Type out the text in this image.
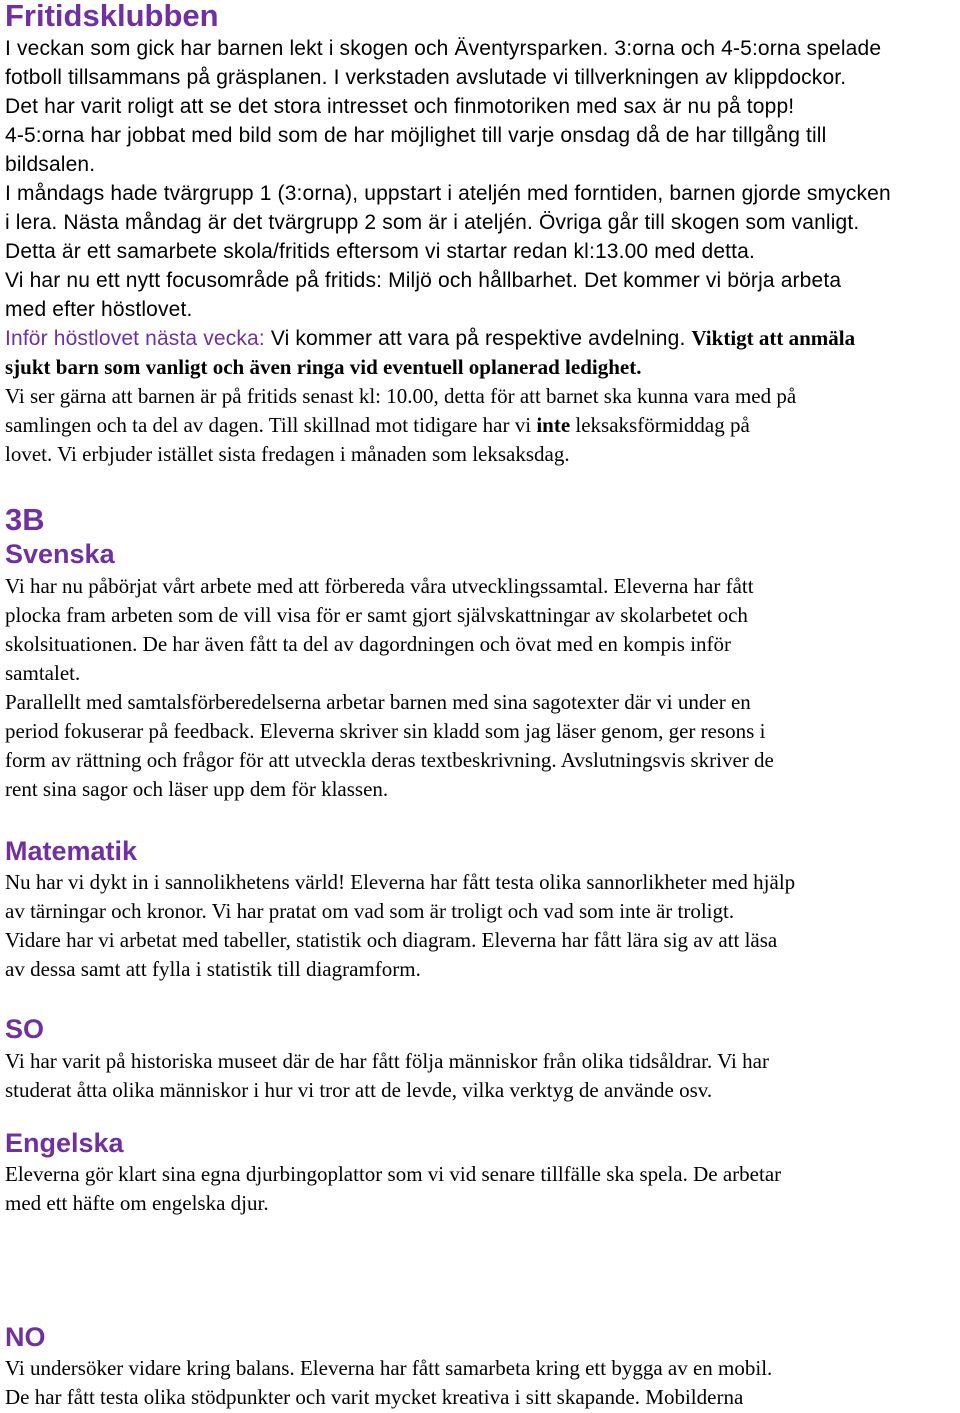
Fritidsklubben
I veckan som gick har barnen lekt i skogen och Äventyrsparken. 3:orna och 4-5:orna spelade
fotboll tillsammans på gräsplanen. I verkstaden avslutade vi tillverkningen av klippdockor.
Det har varit roligt att se det stora intresset och finmotoriken med sax är nu på topp!
4-5:orna har jobbat med bild som de har möjlighet till varje onsdag då de har tillgång till
bildsalen.
I måndags hade tvärgrupp 1 (3:orna), uppstart i ateljén med forntiden, barnen gjorde smycken
i lera. Nästa måndag är det tvärgrupp 2 som är i ateljén. Övriga går till skogen som vanligt.
Detta är ett samarbete skola/fritids eftersom vi startar redan kl:13.00 med detta.
Vi har nu ett nytt focusområde på fritids: Miljö och hållbarhet. Det kommer vi börja arbeta
med efter höstlovet.
Inför höstlovet nästa vecka: Vi kommer att vara på respektive avdelning. Viktigt att anmäla
sjukt barn som vanligt och även ringa vid eventuell oplanerad ledighet.
Vi ser gärna att barnen är på fritids senast kl: 10.00, detta för att barnet ska kunna vara med på
samlingen och ta del av dagen. Till skillnad mot tidigare har vi inte leksaksförmiddag på
lovet. Vi erbjuder istället sista fredagen i månaden som leksaksdag.
3B
Svenska
Vi har nu påbörjat vårt arbete med att förbereda våra utvecklingssamtal. Eleverna har fått
plocka fram arbeten som de vill visa för er samt gjort självskattningar av skolarbetet och
skolsituationen. De har även fått ta del av dagordningen och övat med en kompis inför
samtalet.
Parallellt med samtalsförberedelserna arbetar barnen med sina sagotexter där vi under en
period fokuserar på feedback. Eleverna skriver sin kladd som jag läser genom, ger resons i
form av rättning och frågor för att utveckla deras textbeskrivning. Avslutningsvis skriver de
rent sina sagor och läser upp dem för klassen.
Matematik
Nu har vi dykt in i sannolikhetens värld! Eleverna har fått testa olika sannorlikheter med hjälp
av tärningar och kronor. Vi har pratat om vad som är troligt och vad som inte är troligt.
Vidare har vi arbetat med tabeller, statistik och diagram. Eleverna har fått lära sig av att läsa
av dessa samt att fylla i statistik till diagramform.
SO
Vi har varit på historiska museet där de har fått följa människor från olika tidsåldrar. Vi har
studerat åtta olika människor i hur vi tror att de levde, vilka verktyg de använde osv.
Engelska
Eleverna gör klart sina egna djurbingoplattor som vi vid senare tillfälle ska spela. De arbetar
med ett häfte om engelska djur.
NO
Vi undersöker vidare kring balans. Eleverna har fått samarbeta kring ett bygga av en mobil.
De har fått testa olika stödpunkter och varit mycket kreativa i sitt skapande. Mobilderna
